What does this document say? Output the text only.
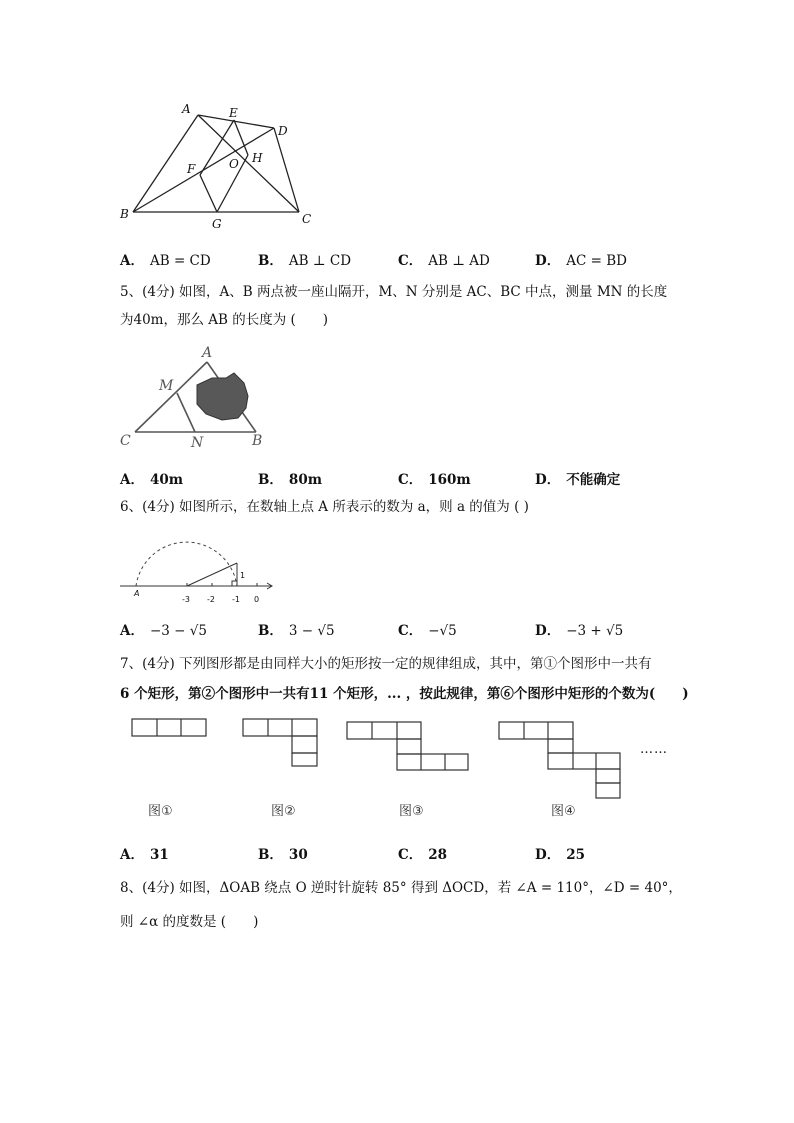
A	E
D
F	O H
B
G	C
A． AB = CD	B． AB ⊥ CD	C． AB ⊥ AD	D． AC = BD
5、(4分) 如图，A、B 两点被一座山隔开，M、N 分别是 AC、BC 中点，测量 MN 的长度
为40m，那么 AB 的长度为 (　　)
A
M
C	N	B
A． 40m	B． 80m	C． 160m	D． 不能确定
6、(4分) 如图所示，在数轴上点 A 所表示的数为 a，则 a 的值为 ( )
A
1
-3 -2 -1 0
A． −3 − √5	B． 3 − √5	C． −√5	D． −3 + √5
7、(4分) 下列图形都是由同样大小的矩形按一定的规律组成，其中，第①个图形中一共有
6 个矩形，第②个图形中一共有11 个矩形，... ，按此规律，第⑥个图形中矩形的个数为(　　)
……
图①	图②	图③	图④
A． 31	B． 30	C． 28	D． 25
8、(4分) 如图，ΔOAB 绕点 O 逆时针旋转 85° 得到 ΔOCD，若 ∠A = 110°，∠D = 40°，
则 ∠α 的度数是 (　　)
